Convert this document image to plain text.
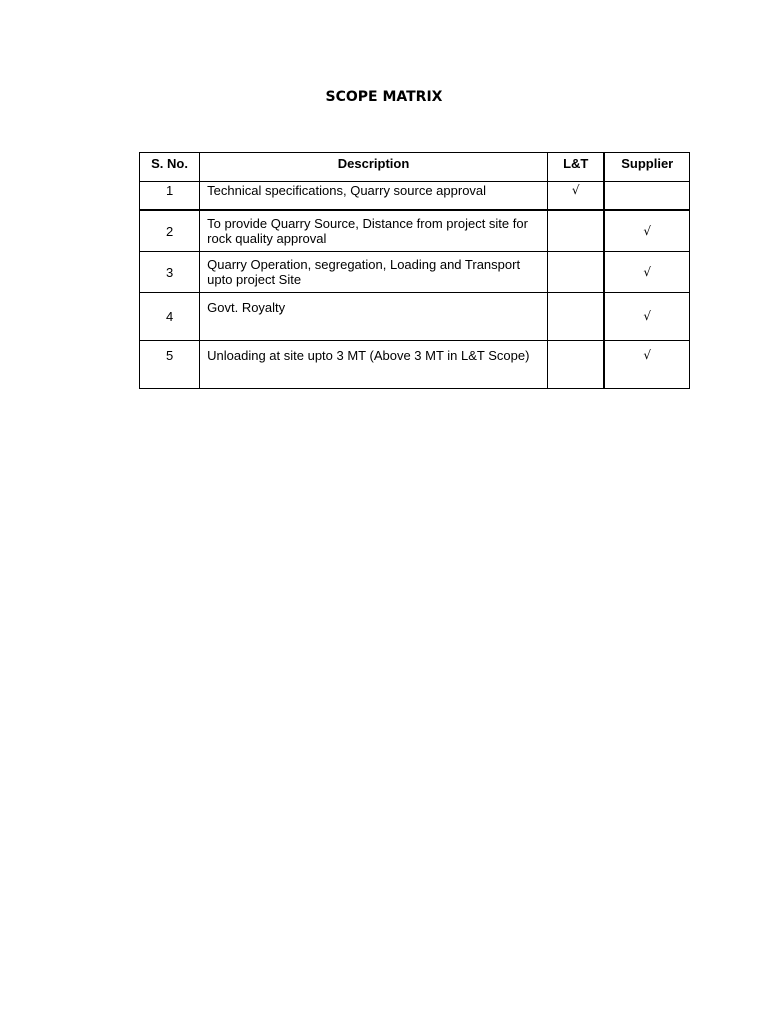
SCOPE MATRIX
S. No.	Description	L&T	Supplier
1	Technical specifications, Quarry source approval	√	
2	To provide Quarry Source, Distance from project site for rock quality approval		√
3	Quarry Operation, segregation, Loading and Transport upto project Site		√
4	Govt. Royalty		√
5	Unloading at site upto 3 MT (Above 3 MT in L&T Scope)		√
